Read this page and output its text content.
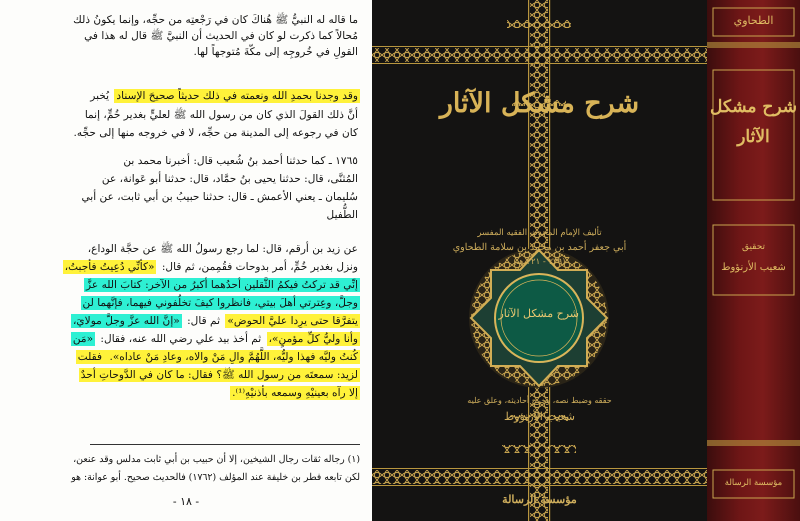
ما قاله له النبيُّ ﷺ هُناكَ كان في رَجْعتِه من حجِّه، وإنما يكونُ ذلك
مُحالاً كما ذكرت لو كان في الحديث أن النبيَّ ﷺ قال له هذا في
القولِ في خُروجِه إلى مكّةَ مُتوجهاً لها.
وقد وجدنا بحمدِ الله ونعمته في ذلك حديثاً صحيحَ الإسناد يُخبر
أنَّ ذلك القولَ الذي كان من رسول الله ﷺ لعليٍّ بغدير خُمٍّ، إنما
كان في رجوعه إلى المدينة من حجِّه، لا في خروجه منها إلى حجِّه.
١٧٦٥ ـ كما حدثنا أحمد بنُ شُعيب قال: أخبرنا محمد بن
المُثنَّى، قال: حدثنا يحيى بنُ حمَّاد، قال: حدثنا أبو عَوانة، عن
سُليمان ـ يعني الأعمش ـ قال: حدثنا حبيبُ بن أبي ثابت، عن أبي
الطُّفيل
عن زيد بن أرقم، قال: لما رجع رسولُ الله ﷺ عن حجَّة الوداع،
ونزل بغدير خُمٍّ، أمر بدوحات فقُمِمن، ثم قال: «كأنِّي دُعِيتُ فأجبتُ،
إنِّي قد تركتُ فيكمُ الثَّقلين أحدُهما أكبرُ من الآخر: كتابَ الله عزَّ
وجلَّ، وعِترتي أهلَ بيتي، فانظروا كيفَ تخلُفوني فيهما، فإنَّهما لن
يتفرَّقا حتى يرِدا عليَّ الحوض» ثم قال: «إنَّ الله عزَّ وجلَّ مولايَ،
وأنا وليُّ كلِّ مؤمنٍ»، ثم أخذ بيد علي رضي الله عنه، فقال: «مَن
كُنتُ وليَّه فهذا وليُّه، اللَّهُمَّ والِ مَنْ والاه، وعادِ مَنْ عاداه». فقلت
لزيد: سمعتَه من رسول الله ﷺ؟ فقال: ما كان في الدَّوحاتِ أحدٌ
إلا رآه بعينيْهِ وسمعه بأذنيْهِ⁽¹⁾.
(١) رجاله ثقات رجال الشيخين، إلا أن حبيب بن أبي ثابت مدلس وقد عنعن،
لكن تابعه فطر بن خليفة عند المؤلف (١٧٦٢) فالحديث صحيح. أبو عوانة: هو
- ١٨ -
شرح مشكل الآثار
تأليف الإمام المحدث الفقيه المفسر
أبي جعفر أحمد بن محمد بن سلامة الطحاوي
(٢٣٩ - ٣٢١ هـ)
شرح مشكل الآثار
حققه وضبط نصه، وخرج أحاديثه، وعلق عليه
شعيب الأرنؤوط
مؤسسة الرسالة
الطحاوي
شرح مشكل الآثار
تحقيق
شعيب الأرنؤوط
مؤسسة الرسالة
